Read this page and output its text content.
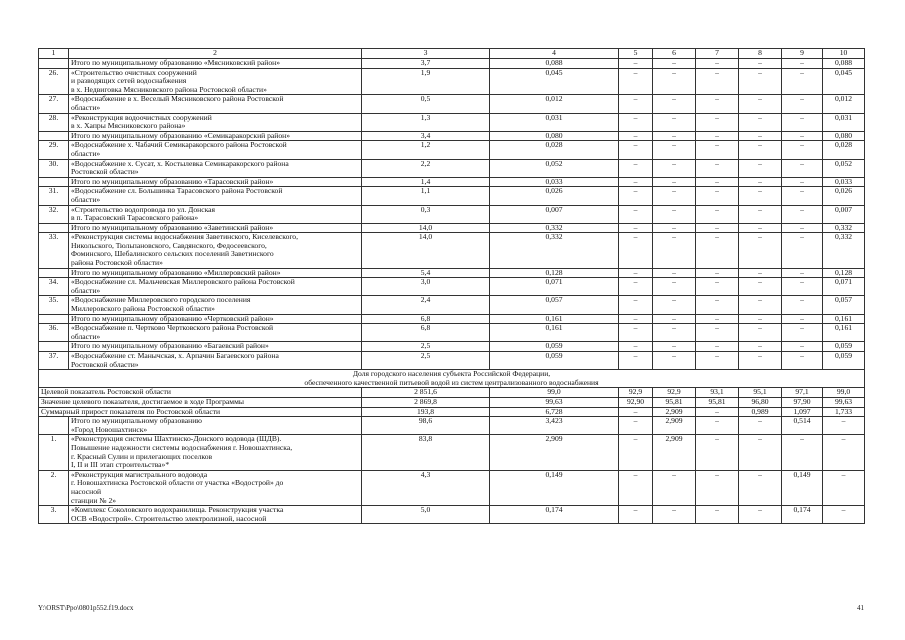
1	2	3	4	5	6	7	8	9	10
	Итого по муниципальному образованию «Мясниковский район»	3,7	0,088	–	–	–	–	–	0,088
26.	«Строительство очистных сооружений
и разводящих сетей водоснабжения
в х. Недвиговка Мясниковского района Ростовской области»	1,9	0,045	–	–	–	–	–	0,045
27.	«Водоснабжение в х. Веселый Мясниковского района Ростовской
области»	0,5	0,012	–	–	–	–	–	0,012
28.	«Реконструкция водоочистных сооружений
в х. Хапры Мясниковского района»	1,3	0,031	–	–	–	–	–	0,031
	Итого по муниципальному образованию «Семикаракорский район»	3,4	0,080	–	–	–	–	–	0,080
29.	«Водоснабжение х. Чабачий Семикаракорского района Ростовской
области»	1,2	0,028	–	–	–	–	–	0,028
30.	«Водоснабжение х. Сусат, х. Костылевка Семикаракорского района
Ростовской области»	2,2	0,052	–	–	–	–	–	0,052
	Итого по муниципальному образованию «Тарасовский район»	1,4	0,033	–	–	–	–	–	0,033
31.	«Водоснабжение сл. Большинка Тарасовского района Ростовской
области»	1,1	0,026	–	–	–	–	–	0,026
32.	«Строительство водопровода по ул. Донская
в п. Тарасовский Тарасовского района»	0,3	0,007	–	–	–	–	–	0,007
	Итого по муниципальному образованию «Заветинский район»	14,0	0,332	–	–	–	–	–	0,332
33.	«Реконструкция системы водоснабжения Заветинского, Киселевского,
Никольского, Тюльпановского, Савдянского, Федосеевского,
Фоминского, Шебалинского сельских поселений Заветинского
района Ростовской области»	14,0	0,332	–	–	–	–	–	0,332
	Итого по муниципальному образованию «Миллеровский район»	5,4	0,128	–	–	–	–	–	0,128
34.	«Водоснабжение сл. Мальчевская Миллеровского района Ростовской
области»	3,0	0,071	–	–	–	–	–	0,071
35.	«Водоснабжение Миллеровского городского поселения
Миллеровского района Ростовской области»	2,4	0,057	–	–	–	–	–	0,057
	Итого по муниципальному образованию «Чертковский район»	6,8	0,161	–	–	–	–	–	0,161
36.	«Водоснабжение п. Чертково Чертковского района Ростовской
области»	6,8	0,161	–	–	–	–	–	0,161
	Итого по муниципальному образованию «Багаевский район»	2,5	0,059	–	–	–	–	–	0,059
37.	«Водоснабжение ст. Манычская, х. Арпачин Багаевского района
Ростовской области»	2,5	0,059	–	–	–	–	–	0,059
Доля городского населения субъекта Российской Федерации,
обеспеченного качественной питьевой водой из систем централизованного водоснабжения									
Целевой показатель Ростовской области		2 851,6	99,0	92,9	92,9	93,1	95,1	97,1	99,0
Значение целевого показателя, достигаемое в ходе Программы		2 869,8	99,63	92,90	95,81	95,81	96,80	97,90	99,63
Суммарный прирост показателя по Ростовской области		193,8	6,728	–	2,909	–	0,989	1,097	1,733
	Итого по муниципальному образованию
«Город Новошахтинск»	98,6	3,423	–	2,909	–	–	0,514	–
1.	«Реконструкция системы Шахтинско-Донского водовода (ШДВ).
Повышение надежности системы водоснабжения г. Новошахтинска,
г. Красный Сулин и прилегающих поселков
I, II и III этап строительства»*	83,8	2,909	–	2,909	–	–	–	–
2.	«Реконструкция магистрального водовода
г. Новошахтинска Ростовской области от участка «Водострой» до
насосной
станции № 2»	4,3	0,149	–	–	–	–	0,149	–
3.	«Комплекс Соколовского водохранилища. Реконструкция участка
ОСВ «Водострой». Строительство электролизной, насосной	5,0	0,174	–	–	–	–	0,174	–
Y:\ORST\Ppo\0801p552.f19.docx	41
